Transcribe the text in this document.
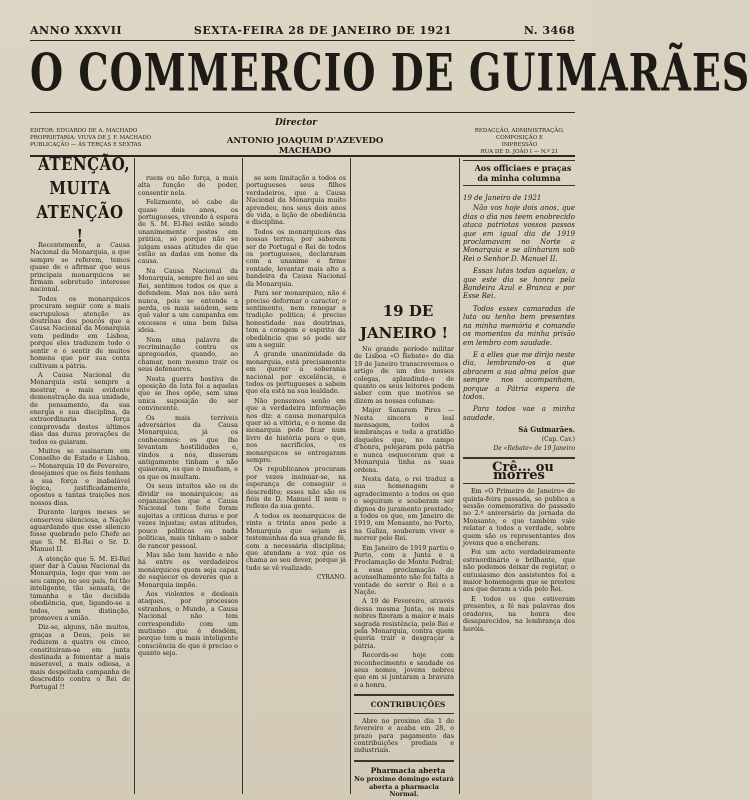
ANNO XXXVII	SEXTA-FEIRA 28 DE JANEIRO DE 1921	N. 3468
O COMMERCIO DE GUIMARÃES
Director
EDITOR: EDUARDO DE A. MACHADO
PROPRIETARIA: VIUVA DE J. F. MACHADO
PUBLICAÇÃO — ÁS TERÇAS E SEXTAS	ANTONIO JOAQUIM D'AZEVEDO MACHADO
REDACÇÃO, ADMINISTRAÇÃO, COMPOSIÇÃO E
IMPRESSÃO
RUA DE D. JOÃO I — N.º 21

ATENÇÃO, MUITA ATENÇÃO !

Recentemente, a Causa Nacional da Monarquia, a que sempre se referem, temos quase de o afirmar que seus principais monarquicos se firmam sobretudo interesse nacional.

Todos os monarquicos procuram seguir com a mais escrupulosa atenção as doutrinas dos poucos que a Causa Nacional da Monarquia vem pedindo em Lisboa, porque eles traduzem todo o sentir e o sentir de muitos homens que por sua conta cultivam a pátria.

A Causa Nacional da Monarquia está sempre a mostrar, e mais evidente demonstração da sua unidade, de pensamento, da sua energia e sua disciplina, da extraordinaria força comprovada destes últimos dias das duras provações de todos os guiaram.

Muitos se assinaram em Conselho de Estado e Lisboa, — Monarquia 10 de Fevereiro, desejamos que os fieis tenham a sua força e inabalável lógica, justificadamente, opostos a tantas traições nos nossos dias.

Durante largos meses se conservou silenciosa, a Nação aguardando que esse silencio fosse quebrado pelo Chefe ao que S. M. El-Rei o Sr. D. Manuel II.

A atenção que S. M. El-Rei quer dar à Causa Nacional da Monarquia, logo que vem ao seu campo, no seu país, foi tão inteligente, tão sensata, de tamanha e tão decidida obediência, que, ligando-se a todos, sem distinção, promoveu a união.

Diz-se, alguns, não muitos, graças a Deus, pois se reduzem a quatro ou cinco, constituiram-se em junta destinada a fomentar a mais miseravel, a mais odiosa, a mais despeitada campanha de descredito contra o Rei de Portugal !!

ruem ou não força, a mais alta função de poder, consentir nela.

Felizmente, só cabe de quase dois anos, os portugueses, vivendo à espera de S. M. El-Rei estão sendo unanimemente postos em prática, só porque não se julgam essas atitudes de que estão as dadas em nome da causa.

Na Causa Nacional da Monarquia, sempre fiel ao seu Rei, sentimos todos os que a defendem. Mas nos não será nunca, pois se entende a perda, os mais saúdem, sem quê valor a um campanha em excessos e uma bem falsa ideia.

Nem uma palavra de recriminação contra os apregoados, quando, ao chamar, nem mesmo trair os seus defensores.

Nesta guerra hostiva de oposição da luta foi a aquelas que se lhes opõe, sem uma unica suposição de ser convincente.

Os mais terriveis adversários da Causa Monarquica, já os conhecemos: os que lhe levantam hostilidades e, vindos a nós, disseram antigamente tinham e não quiseram, os que o insuflam, e os que os insultam.

Os seus intuitos são os de dividir os monárquicos; as organizações que a Causa Nacional tem feito foram sujeitas a criticas duras e por vezes injustas; estas atitudes, pouco politicas ou nada politicas, mais tinham o sabor de rancor pessoal.

Mas não tem havido e não há entre os verdadeiros monárquicos quem seja capaz de esquecer os deveres que a Monarquia impõe.

Aos violentos e desleais ataques, por processos estranhos, o Mundo, a Causa Nacional não tem correspondido com um mutismo que é desdém, porque tem a mais inteligente consciência de que é preciso o quanto seja.

se sem limitação a todos os portugueses seus filhos verdadeiros, que a Causa Nacional da Monarquia muito aprendeu, nos seus dois anos de vida, a lição de obediência e disciplina.

Todos os monarquicos das nossas terras, por saberem ser de Portugal e Rei de todos os portugueses, declararam com a unanime e firme vontade, levantar mais alto a bandeira da Causa Nacional da Monarquia.

Para ser monarquico, não é preciso deformar o caracter, o sentimento, nem renegar a tradição politica; é preciso honestidade nas doutrinas, tem a coragem e espirito da obediência que só pode ser um a seguir.

A grande unanimidade da monarquia, está precisamente em querer a soberania nacional por excelência, e todos os portugueses a sabem que ela está na sua lealdade.

Não pensemos senão em que a verdadeira informação nos diz: a causa monarquica quer só a vitória, e o nome da monarquia pode ficar num livro de história para o que, nos sacrifícios, os monarquicos se entregaram sempre.

Os republicanos procuram por vezes insinuar-se, na esperança de conseguir o descredito; esses não são os fiéis de D. Manuel II nem o reflexo da sua gente.

A todos os monarquicos de vinte a trinta anos pede a Monarquia que sejam as testemunhas da sua grande fé, com a necessária disciplina; que atendam a voz que os chama ao seu dever, porque já tudo se vê realizado.

CYRANO.

19 DE JANEIRO !

No grande período militar de Lisboa «O Rebate» do dia 19 de Janeiro transcrevemos o artigo de um dos nossos colegas, aplaudindo-o de quanto os seus leitores podem saber com que motivos se dizem as nossas colunas:

Major Sanarem Pires — Nesta sincera e leal mensagem, todos a lembranças e toda a gratidão daqueles que, no campo d'honra, pelejaram pela pátria e nunca esqueceram que a Monarquia tinha as suas ordens.

Nesta data, o rei traduz a sua homenagem e agradecimento a todos os que o seguiram e souberam ser dignos do juramento prestado; a todos os que, em Janeiro de 1919, em Monsanto, no Porto, na Galiza, souberam viver e morrer pelo Rei.

Em Janeiro de 1919 partiu o Porto, com a Junta e a Proclamação de Monte Pedral; a essa proclamação de aconselhamento não foi falta a vontade de servir o Rei e a Nação.

A 19 de Fevereiro, através dessa mesma Junta, os mais nobres fizeram a maior e mais sagrada resistência, pelo Rei e pela Monarquia, contra quem queria trair e desgraçar a pátria.

Recorda-se hoje com reconhecimento e saudade os seus nomes, jovens nobres que em si juntaram a bravura e a honra.

CONTRIBUIÇÕES

Abre no proximo dia 1 de fevereiro e acaba em 28, o prazo para pagamento das contribuições prediais e industriais.

Pharmacia aberta

No proximo domingo estará aberta a pharmacia Normal.

Aos officiaes e praças da minha columna

19 de Janeiro de 1921

Não vos hoje dois anos, que dias o dia nos teem enobrecido ataca patriotas vossos passos que em igual dia de 1919 proclamavam no Norte a Monarquia e se alinharam sob Rei o Senhor D. Manuel II.

Essas lutas todas aquelas, a que este dia se honra pela Bandeira Azul e Branca e por Esse Rei.

Todos esses camaradas de luta ou tenho bem presentes na minha memória e comando os momentos da minha prisão em lembro com saudade.

E a elles que me dirijo neste dia, lembrando-os a que abracem a sua alma pelos que sempre nos acompanham, porque a Pátria espera de todos.

Para todos vae a minha saudade.

Sá Guimarães.

(Cap. Cav.)

De «Rebate» de 19 Janeiro

Crê... ou morres

Em «O Primeiro de Janeiro» de quinta-feira passada, se publica a sessão comemorativa do passado no 2.º aniversário da jornada de Monsanto, e que também vale relatar a todos a verdade, sobre quem são os representantes dos jovens que a encheram.

Foi um acto verdadeiramente estraordinário e brilhante, que não podemos deixar de registar, o entusiasmo dos assistentes foi a maior homenagem que se prestou aos que deram a vida pelo Rei.

E todos os que estiveram presentes, a fé nas palavras dos oradores, na honra dos desaparecidos, na lembrança dos heróis.
